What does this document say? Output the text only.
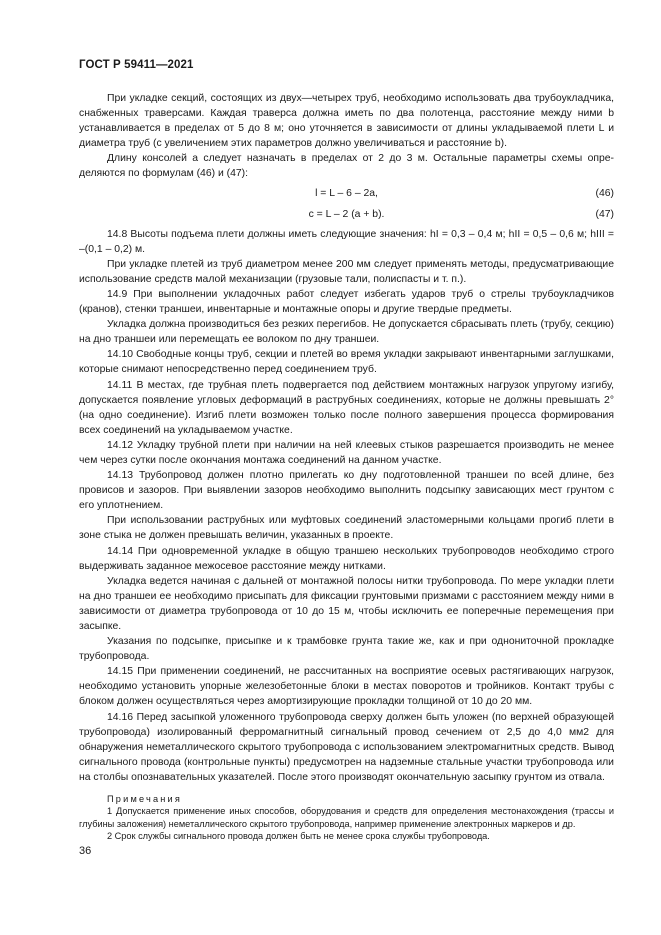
ГОСТ Р 59411—2021

При укладке секций, состоящих из двух—четырех труб, необходимо использовать два трубоукладчика, снабженных траверсами. Каждая траверса должна иметь по два полотенца, расстояние между ними b устанавливается в пределах от 5 до 8 м; оно уточняется в зависимости от длины укладываемой плети L и диаметра труб (с увеличением этих параметров должно увеличиваться и расстояние b).

Длину консолей a следует назначать в пределах от 2 до 3 м. Остальные параметры схемы определяются по формулам (46) и (47):

l = L – 6 – 2a,	(46)
c = L – 2 (a + b).	(47)

14.8 Высоты подъема плети должны иметь следующие значения: hI = 0,3 – 0,4 м; hII = 0,5 – 0,6 м; hIII = –(0,1 – 0,2) м.

При укладке плетей из труб диаметром менее 200 мм следует применять методы, предусматривающие использование средств малой механизации (грузовые тали, полиспасты и т. п.).

14.9 При выполнении укладочных работ следует избегать ударов труб о стрелы трубоукладчиков (кранов), стенки траншеи, инвентарные и монтажные опоры и другие твердые предметы.

Укладка должна производиться без резких перегибов. Не допускается сбрасывать плеть (трубу, секцию) на дно траншеи или перемещать ее волоком по дну траншеи.

14.10 Свободные концы труб, секции и плетей во время укладки закрывают инвентарными заглушками, которые снимают непосредственно перед соединением труб.

14.11 В местах, где трубная плеть подвергается под действием монтажных нагрузок упругому изгибу, допускается появление угловых деформаций в раструбных соединениях, которые не должны превышать 2° (на одно соединение). Изгиб плети возможен только после полного завершения процесса формирования всех соединений на укладываемом участке.

14.12 Укладку трубной плети при наличии на ней клеевых стыков разрешается производить не менее чем через сутки после окончания монтажа соединений на данном участке.

14.13 Трубопровод должен плотно прилегать ко дну подготовленной траншеи по всей длине, без провисов и зазоров. При выявлении зазоров необходимо выполнить подсыпку зависающих мест грунтом с его уплотнением.

При использовании раструбных или муфтовых соединений эластомерными кольцами прогиб плети в зоне стыка не должен превышать величин, указанных в проекте.

14.14 При одновременной укладке в общую траншею нескольких трубопроводов необходимо строго выдерживать заданное межосевое расстояние между нитками.

Укладка ведется начиная с дальней от монтажной полосы нитки трубопровода. По мере укладки плети на дно траншеи ее необходимо присыпать для фиксации грунтовыми призмами с расстоянием между ними в зависимости от диаметра трубопровода от 10 до 15 м, чтобы исключить ее поперечные перемещения при засыпке.

Указания по подсыпке, присыпке и к трамбовке грунта такие же, как и при однониточной прокладке трубопровода.

14.15 При применении соединений, не рассчитанных на восприятие осевых растягивающих нагрузок, необходимо установить упорные железобетонные блоки в местах поворотов и тройников. Контакт трубы с блоком должен осуществляться через амортизирующие прокладки толщиной от 10 до 20 мм.

14.16 Перед засыпкой уложенного трубопровода сверху должен быть уложен (по верхней образующей трубопровода) изолированный ферромагнитный сигнальный провод сечением от 2,5 до 4,0 мм2 для обнаружения неметаллического скрытого трубопровода с использованием электромагнитных средств. Вывод сигнального провода (контрольные пункты) предусмотрен на надземные стальные участки трубопровода или на столбы опознавательных указателей. После этого производят окончательную засыпку грунтом из отвала.

Примечания

1 Допускается применение иных способов, оборудования и средств для определения местонахождения (трассы и глубины заложения) неметаллического скрытого трубопровода, например применение электронных маркеров и др.

2 Срок службы сигнального провода должен быть не менее срока службы трубопровода.

36
